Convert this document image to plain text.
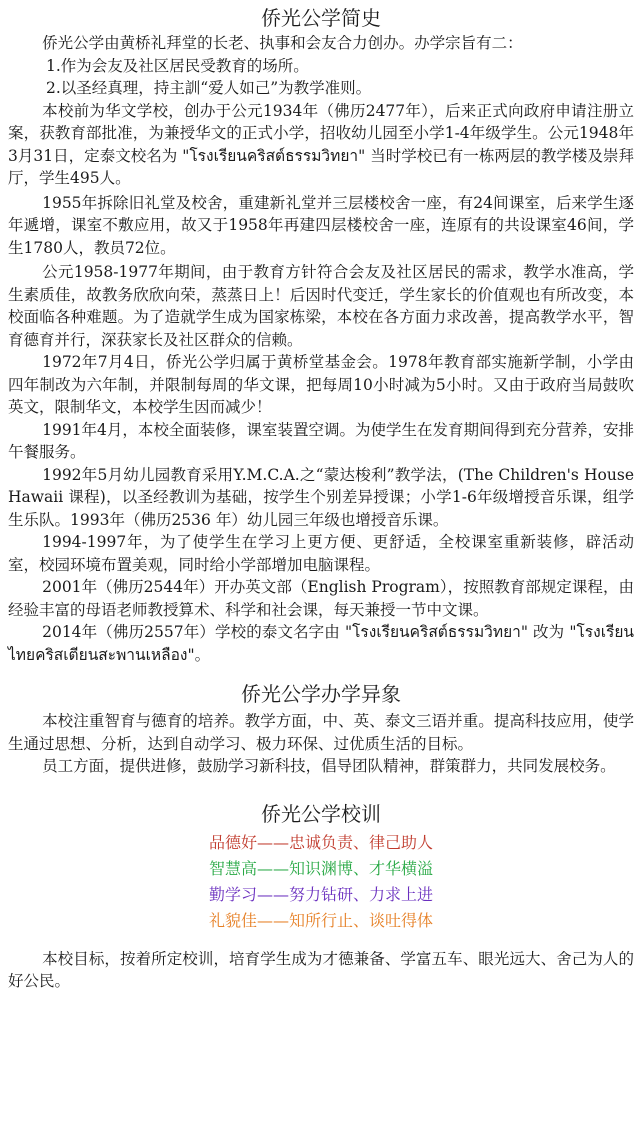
侨光公学简史

侨光公学由黄桥礼拜堂的长老、执事和会友合力创办。办学宗旨有二：

1.作为会友及社区居民受教育的场所。

2.以圣经真理，持主訓“爱人如己”为教学准则。

本校前为华文学校，创办于公元1934年（佛历2477年），后来正式向政府申请注册立案，获教育部批准，为兼授华文的正式小学，招收幼儿园至小学1-4年级学生。公元1948年3月31日，定泰文校名为 "โรงเรียนคริสต์ธรรมวิทยา" 当时学校已有一栋两层的教学楼及崇拜厅，学生495人。

1955年拆除旧礼堂及校舍，重建新礼堂并三层楼校舍一座，有24间课室，后来学生逐年遞增，课室不敷应用，故又于1958年再建四层楼校舍一座，连原有的共设课室46间，学生1780人，教员72位。

公元1958-1977年期间，由于教育方针符合会友及社区居民的需求，教学水准高，学生素质佳，故教务欣欣向荣，蒸蒸日上！后因时代变迁，学生家长的价值观也有所改变，本校面临各种难题。为了造就学生成为国家栋梁，本校在各方面力求改善，提高教学水平，智育德育并行，深获家长及社区群众的信赖。

1972年7月4日，侨光公学归属于黄桥堂基金会。1978年教育部实施新学制，小学由四年制改为六年制，并限制每周的华文课，把每周10小时减为5小时。又由于政府当局鼓吹英文，限制华文，本校学生因而减少！

1991年4月，本校全面装修，课室装置空调。为使学生在发育期间得到充分营养，安排午餐服务。

1992年5月幼儿园教育采用Y.M.C.A.之“蒙达梭利”教学法，(The Children's House Hawaii 课程)，以圣经教训为基础，按学生个别差异授课；小学1-6年级增授音乐课，组学生乐队。1993年（佛历2536 年）幼儿园三年级也增授音乐课。

1994-1997年，为了使学生在学习上更方便、更舒适，全校课室重新装修，辟活动室，校园环境布置美观，同时给小学部增加电脑课程。

2001年（佛历2544年）开办英文部（English Program），按照教育部规定课程，由经验丰富的母语老师教授算术、科学和社会课，每天兼授一节中文课。

2014年（佛历2557年）学校的泰文名字由 "โรงเรียนคริสต์ธรรมวิทยา" 改为 "โรงเรียนไทยคริสเตียนสะพานเหลือง"。

侨光公学办学异象

本校注重智育与德育的培养。教学方面，中、英、泰文三语并重。提高科技应用，使学生通过思想、分析，达到自动学习、极力环保、过优质生活的目标。

员工方面，提供进修，鼓励学习新科技，倡导团队精神，群策群力，共同发展校务。

侨光公学校训

品德好——忠诚负责、律己助人

智慧高——知识渊博、才华横溢

勤学习——努力钻研、力求上进

礼貌佳——知所行止、谈吐得体

本校目标，按着所定校训，培育学生成为才德兼备、学富五车、眼光远大、舍己为人的好公民。
